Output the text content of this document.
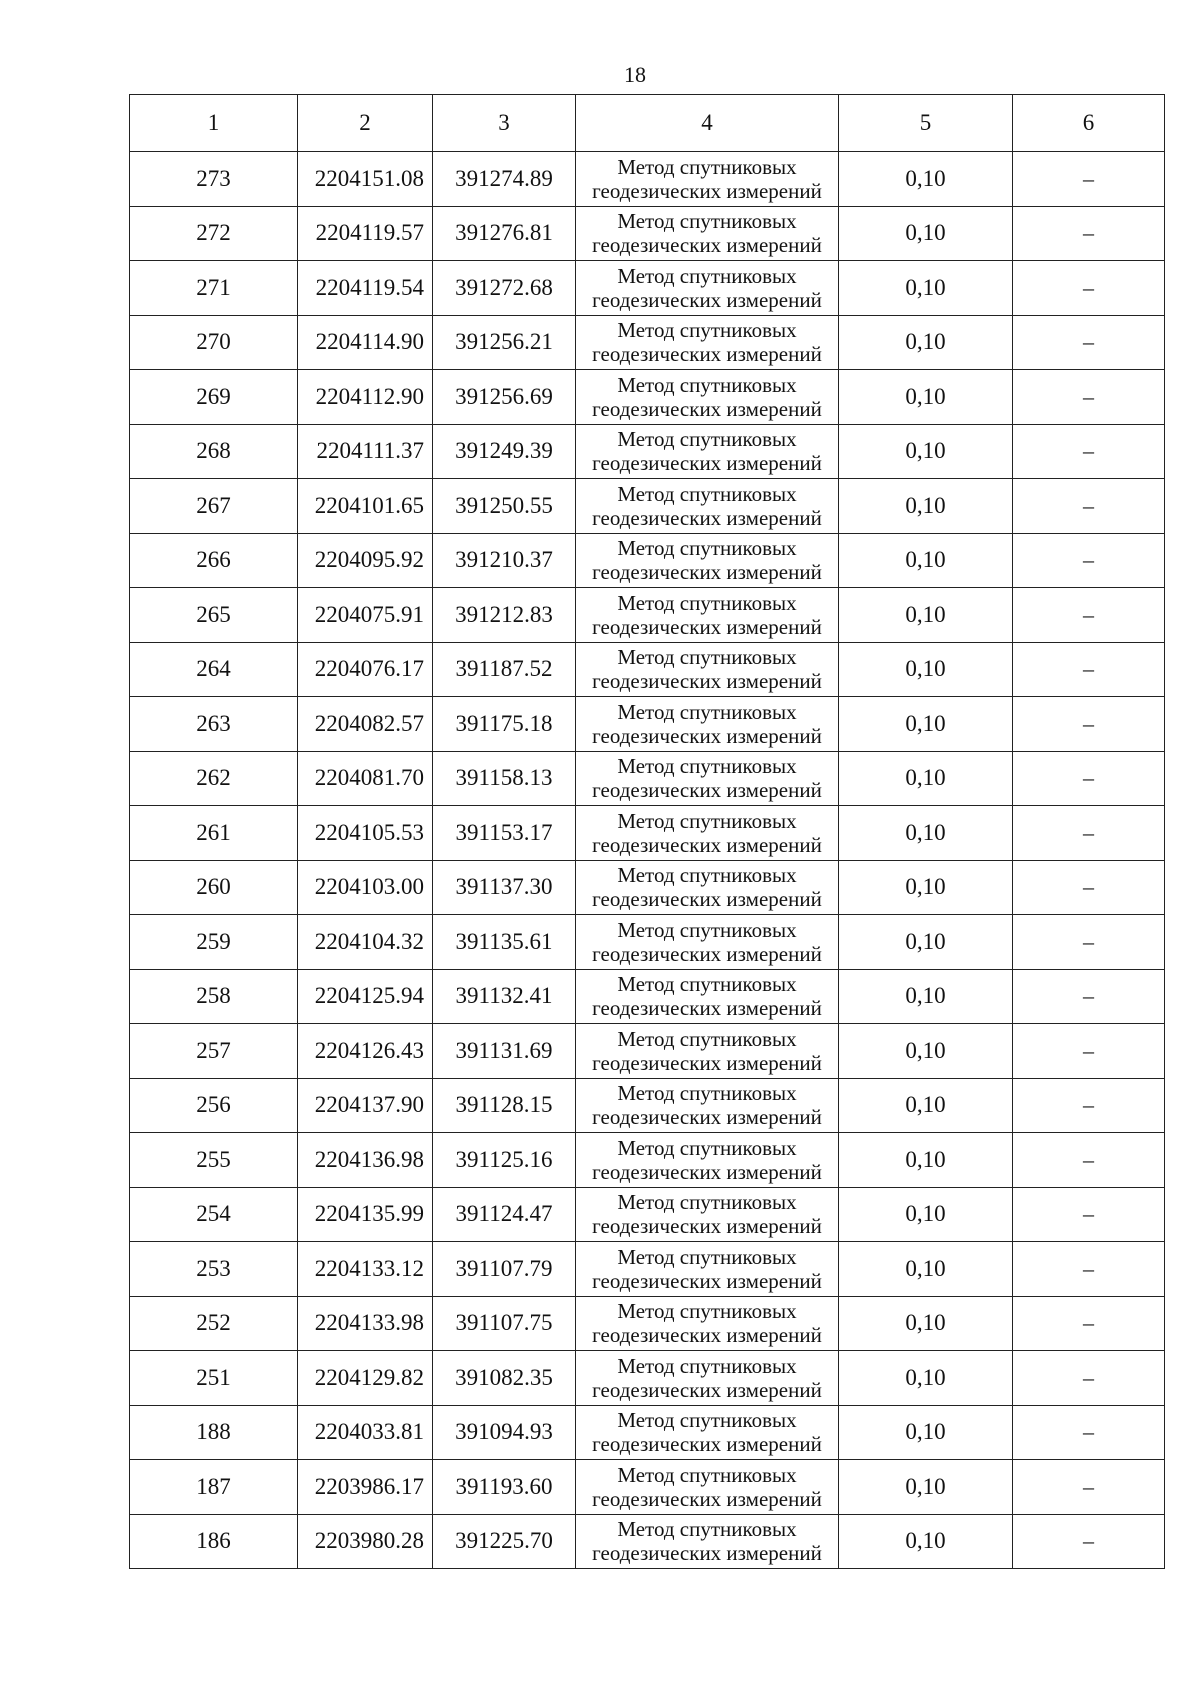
18
1	2	3	4	5	6
273	2204151.08	391274.89	Метод спутниковых
геодезических измерений	0,10	–
272	2204119.57	391276.81	Метод спутниковых
геодезических измерений	0,10	–
271	2204119.54	391272.68	Метод спутниковых
геодезических измерений	0,10	–
270	2204114.90	391256.21	Метод спутниковых
геодезических измерений	0,10	–
269	2204112.90	391256.69	Метод спутниковых
геодезических измерений	0,10	–
268	2204111.37	391249.39	Метод спутниковых
геодезических измерений	0,10	–
267	2204101.65	391250.55	Метод спутниковых
геодезических измерений	0,10	–
266	2204095.92	391210.37	Метод спутниковых
геодезических измерений	0,10	–
265	2204075.91	391212.83	Метод спутниковых
геодезических измерений	0,10	–
264	2204076.17	391187.52	Метод спутниковых
геодезических измерений	0,10	–
263	2204082.57	391175.18	Метод спутниковых
геодезических измерений	0,10	–
262	2204081.70	391158.13	Метод спутниковых
геодезических измерений	0,10	–
261	2204105.53	391153.17	Метод спутниковых
геодезических измерений	0,10	–
260	2204103.00	391137.30	Метод спутниковых
геодезических измерений	0,10	–
259	2204104.32	391135.61	Метод спутниковых
геодезических измерений	0,10	–
258	2204125.94	391132.41	Метод спутниковых
геодезических измерений	0,10	–
257	2204126.43	391131.69	Метод спутниковых
геодезических измерений	0,10	–
256	2204137.90	391128.15	Метод спутниковых
геодезических измерений	0,10	–
255	2204136.98	391125.16	Метод спутниковых
геодезических измерений	0,10	–
254	2204135.99	391124.47	Метод спутниковых
геодезических измерений	0,10	–
253	2204133.12	391107.79	Метод спутниковых
геодезических измерений	0,10	–
252	2204133.98	391107.75	Метод спутниковых
геодезических измерений	0,10	–
251	2204129.82	391082.35	Метод спутниковых
геодезических измерений	0,10	–
188	2204033.81	391094.93	Метод спутниковых
геодезических измерений	0,10	–
187	2203986.17	391193.60	Метод спутниковых
геодезических измерений	0,10	–
186	2203980.28	391225.70	Метод спутниковых
геодезических измерений	0,10	–
